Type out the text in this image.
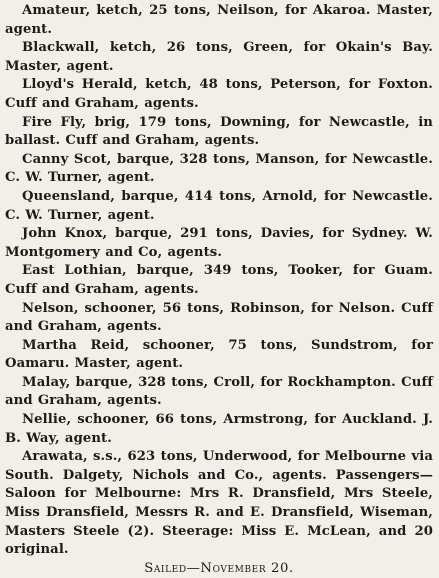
Amateur, ketch, 25 tons, Neilson, for Akaroa. Master, agent.

Blackwall, ketch, 26 tons, Green, for Okain's Bay. Master, agent.

Lloyd's Herald, ketch, 48 tons, Peterson, for Foxton. Cuff and Graham, agents.

Fire Fly, brig, 179 tons, Downing, for Newcastle, in ballast. Cuff and Graham, agents.

Canny Scot, barque, 328 tons, Manson, for Newcastle. C. W. Turner, agent.

Queensland, barque, 414 tons, Arnold, for Newcastle. C. W. Turner, agent.

John Knox, barque, 291 tons, Davies, for Sydney. W. Montgomery and Co, agents.

East Lothian, barque, 349 tons, Tooker, for Guam. Cuff and Graham, agents.

Nelson, schooner, 56 tons, Robinson, for Nelson. Cuff and Graham, agents.

Martha Reid, schooner, 75 tons, Sundstrom, for Oamaru. Master, agent.

Malay, barque, 328 tons, Croll, for Rockhampton. Cuff and Graham, agents.

Nellie, schooner, 66 tons, Armstrong, for Auckland. J. B. Way, agent.

Arawata, s.s., 623 tons, Underwood, for Melbourne via South. Dalgety, Nichols and Co., agents. Passengers—Saloon for Melbourne: Mrs R. Dransfield, Mrs Steele, Miss Dransfield, Messrs R. and E. Dransfield, Wiseman, Masters Steele (2). Steerage: Miss E. McLean, and 20 original.

Sailed—November 20.
